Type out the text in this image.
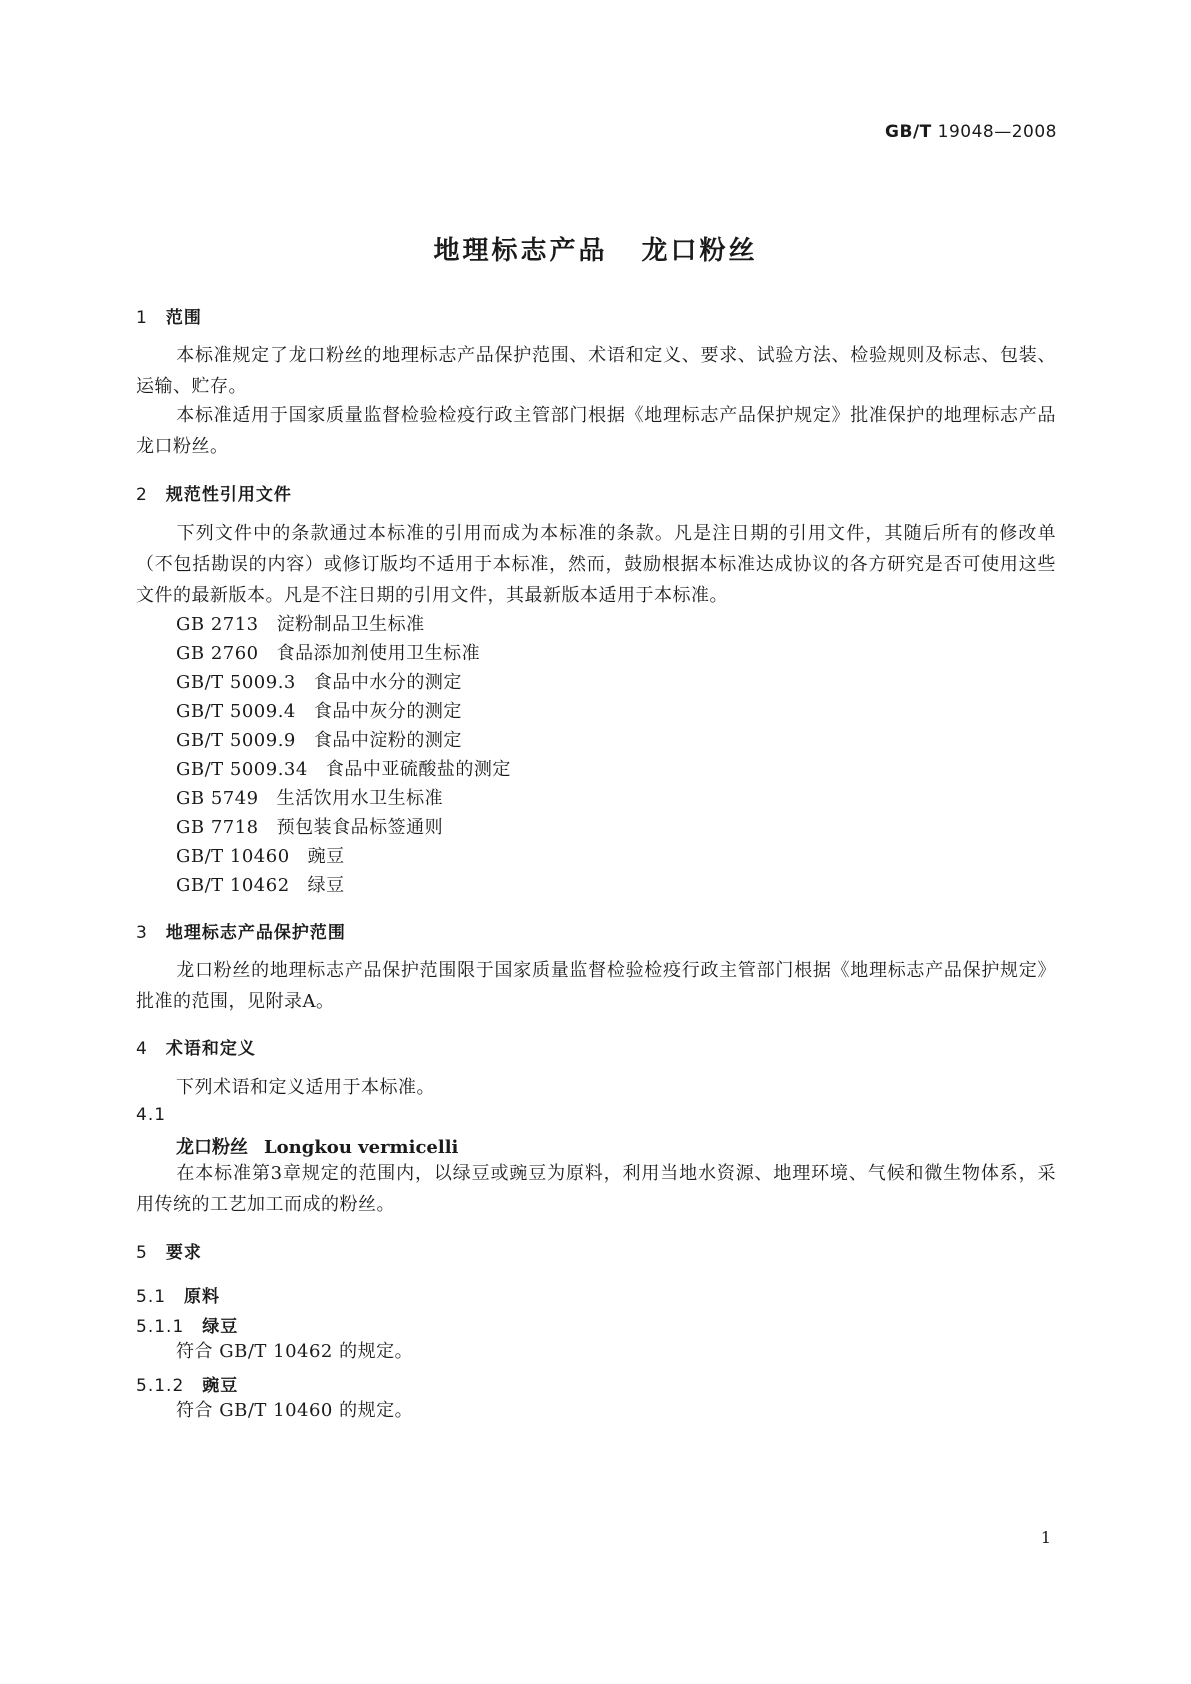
GB/T 19048—2008
地理标志产品 龙口粉丝
1 范围
本标准规定了龙口粉丝的地理标志产品保护范围、术语和定义、要求、试验方法、检验规则及标志、包装、运输、贮存。
本标准适用于国家质量监督检验检疫行政主管部门根据《地理标志产品保护规定》批准保护的地理标志产品龙口粉丝。
2 规范性引用文件
下列文件中的条款通过本标准的引用而成为本标准的条款。凡是注日期的引用文件，其随后所有的修改单（不包括勘误的内容）或修订版均不适用于本标准，然而，鼓励根据本标准达成协议的各方研究是否可使用这些文件的最新版本。凡是不注日期的引用文件，其最新版本适用于本标准。
GB 2713 淀粉制品卫生标准
GB 2760 食品添加剂使用卫生标准
GB/T 5009.3 食品中水分的测定
GB/T 5009.4 食品中灰分的测定
GB/T 5009.9 食品中淀粉的测定
GB/T 5009.34 食品中亚硫酸盐的测定
GB 5749 生活饮用水卫生标准
GB 7718 预包装食品标签通则
GB/T 10460 豌豆
GB/T 10462 绿豆
3 地理标志产品保护范围
龙口粉丝的地理标志产品保护范围限于国家质量监督检验检疫行政主管部门根据《地理标志产品保护规定》批准的范围，见附录A。
4 术语和定义
下列术语和定义适用于本标准。
4.1
龙口粉丝 Longkou vermicelli
在本标准第3章规定的范围内，以绿豆或豌豆为原料，利用当地水资源、地理环境、气候和微生物体系，采用传统的工艺加工而成的粉丝。
5 要求
5.1 原料
5.1.1 绿豆
符合 GB/T 10462 的规定。
5.1.2 豌豆
符合 GB/T 10460 的规定。
1
